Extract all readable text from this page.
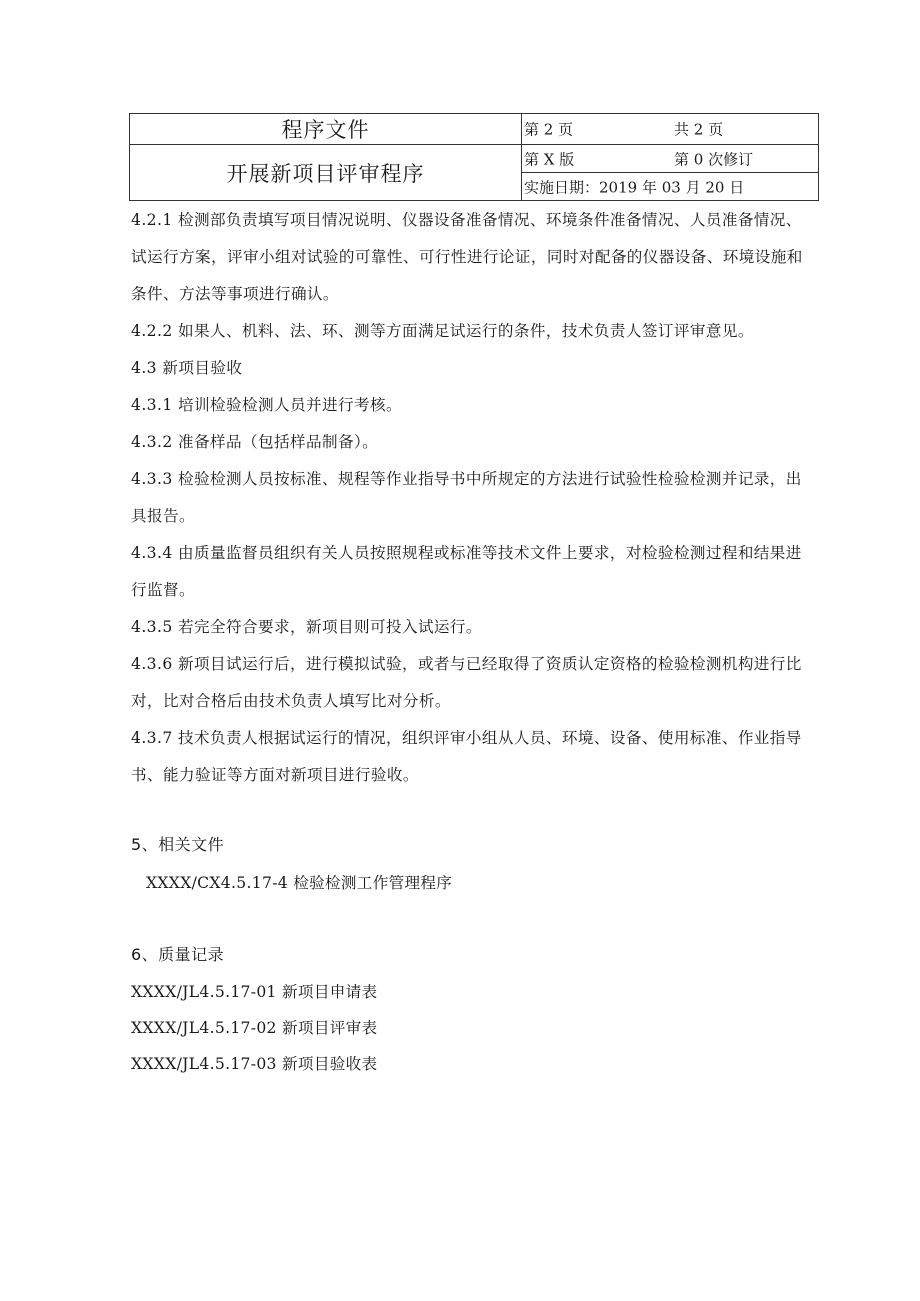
程序文件	第 2 页 共 2 页

开展新项目评审程序	第 X 版 第 0 次修订

	实施日期：2019 年 03 月 20 日

4.2.1 检测部负责填写项目情况说明、仪器设备准备情况、环境条件准备情况、人员准备情况、试运行方案，评审小组对试验的可靠性、可行性进行论证，同时对配备的仪器设备、环境设施和条件、方法等事项进行确认。

4.2.2 如果人、机料、法、环、测等方面满足试运行的条件，技术负责人签订评审意见。

4.3 新项目验收

4.3.1 培训检验检测人员并进行考核。

4.3.2 准备样品（包括样品制备）。

4.3.3 检验检测人员按标准、规程等作业指导书中所规定的方法进行试验性检验检测并记录，出具报告。

4.3.4 由质量监督员组织有关人员按照规程或标准等技术文件上要求，对检验检测过程和结果进行监督。

4.3.5 若完全符合要求，新项目则可投入试运行。

4.3.6 新项目试运行后，进行模拟试验，或者与已经取得了资质认定资格的检验检测机构进行比对，比对合格后由技术负责人填写比对分析。

4.3.7 技术负责人根据试运行的情况，组织评审小组从人员、环境、设备、使用标准、作业指导书、能力验证等方面对新项目进行验收。

5、相关文件
XXXX/CX4.5.17-4 检验检测工作管理程序
6、质量记录
XXXX/JL4.5.17-01 新项目申请表
XXXX/JL4.5.17-02 新项目评审表
XXXX/JL4.5.17-03 新项目验收表
